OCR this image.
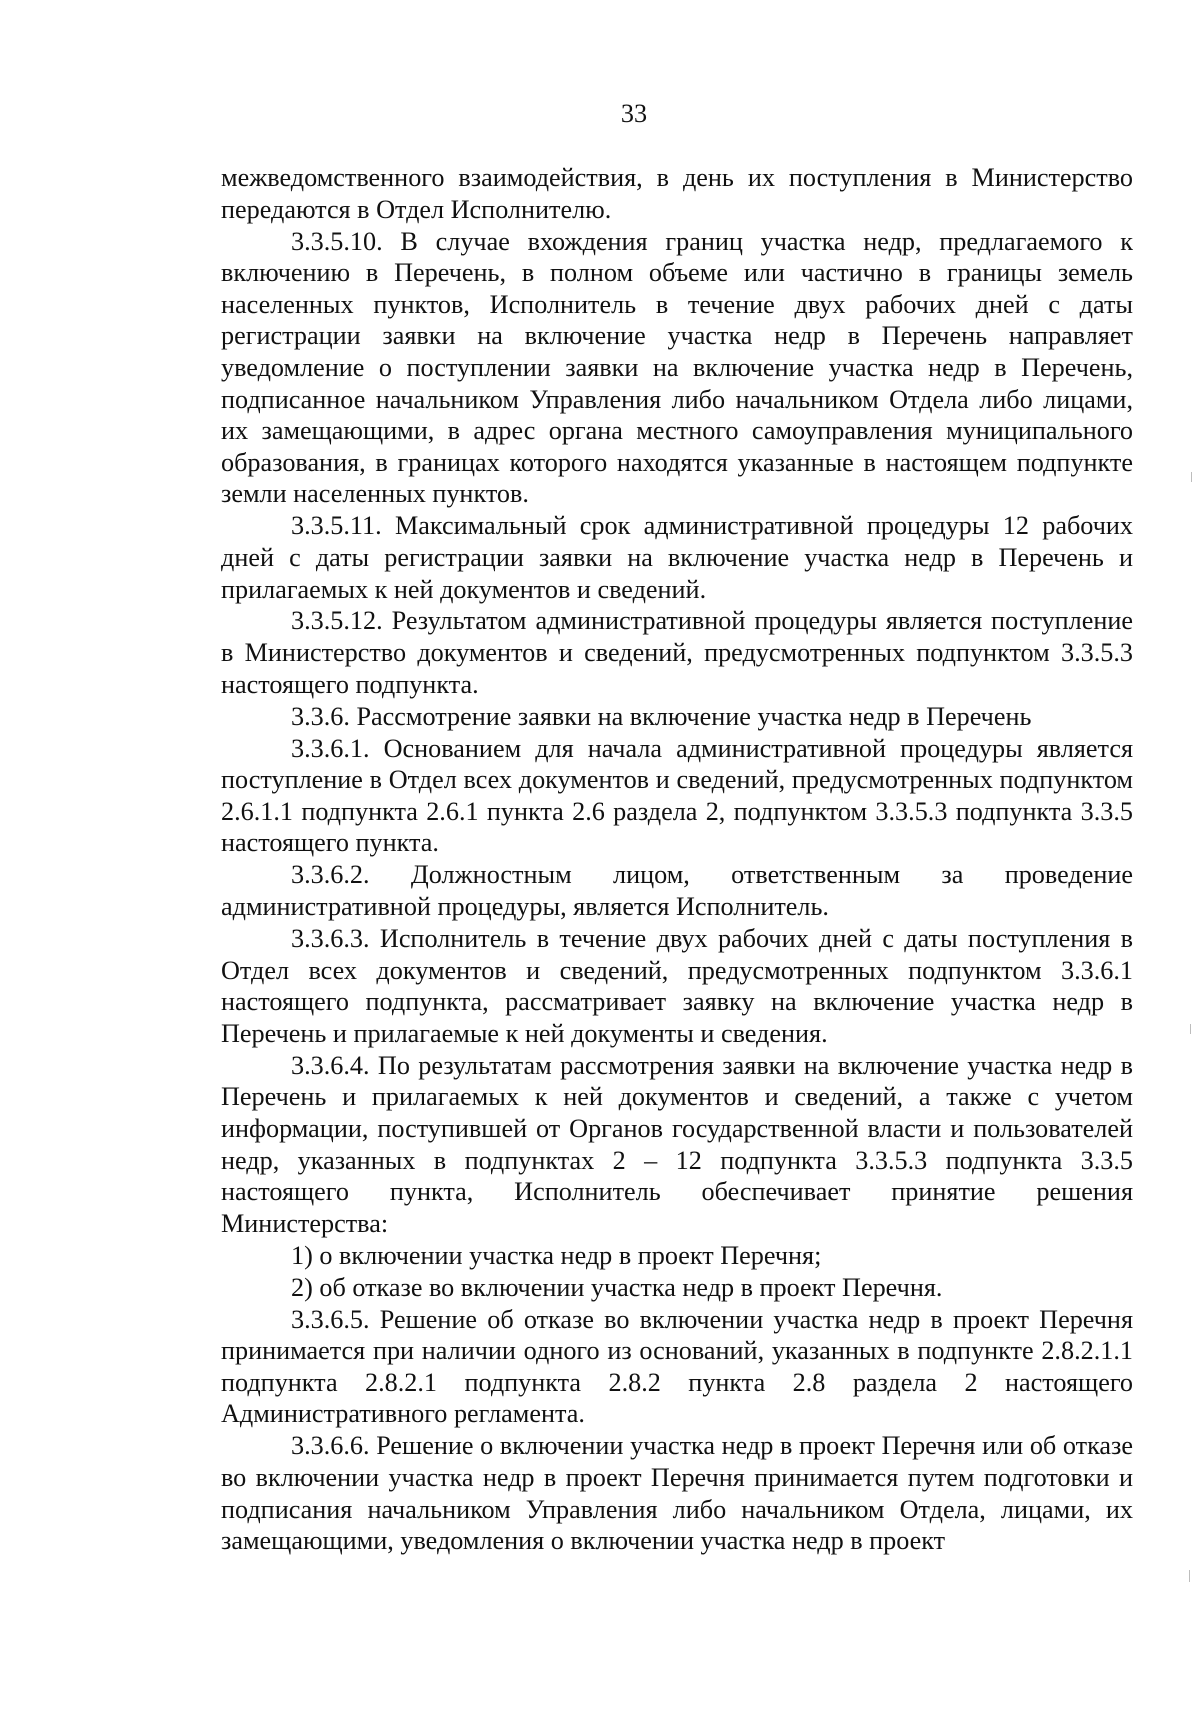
33

межведомственного взаимодействия, в день их поступления в Министерство передаются в Отдел Исполнителю.

3.3.5.10. В случае вхождения границ участка недр, предлагаемого к включению в Перечень, в полном объеме или частично в границы земель населенных пунктов, Исполнитель в течение двух рабочих дней с даты регистрации заявки на включение участка недр в Перечень направляет уведомление о поступлении заявки на включение участка недр в Перечень, подписанное начальником Управления либо начальником Отдела либо лицами, их замещающими, в адрес органа местного самоуправления муниципального образования, в границах которого находятся указанные в настоящем подпункте земли населенных пунктов.

3.3.5.11. Максимальный срок административной процедуры 12 рабочих дней с даты регистрации заявки на включение участка недр в Перечень и прилагаемых к ней документов и сведений.

3.3.5.12. Результатом административной процедуры является поступление в Министерство документов и сведений, предусмотренных подпунктом 3.3.5.3 настоящего подпункта.

3.3.6. Рассмотрение заявки на включение участка недр в Перечень

3.3.6.1. Основанием для начала административной процедуры является поступление в Отдел всех документов и сведений, предусмотренных подпунктом 2.6.1.1 подпункта 2.6.1 пункта 2.6 раздела 2, подпунктом 3.3.5.3 подпункта 3.3.5 настоящего пункта.

3.3.6.2. Должностным лицом, ответственным за проведение административной процедуры, является Исполнитель.

3.3.6.3. Исполнитель в течение двух рабочих дней с даты поступления в Отдел всех документов и сведений, предусмотренных подпунктом 3.3.6.1 настоящего подпункта, рассматривает заявку на включение участка недр в Перечень и прилагаемые к ней документы и сведения.

3.3.6.4. По результатам рассмотрения заявки на включение участка недр в Перечень и прилагаемых к ней документов и сведений, а также с учетом информации, поступившей от Органов государственной власти и пользователей недр, указанных в подпунктах 2 – 12 подпункта 3.3.5.3 подпункта 3.3.5 настоящего пункта, Исполнитель обеспечивает принятие решения Министерства:

1) о включении участка недр в проект Перечня;

2) об отказе во включении участка недр в проект Перечня.

3.3.6.5. Решение об отказе во включении участка недр в проект Перечня принимается при наличии одного из оснований, указанных в подпункте 2.8.2.1.1 подпункта 2.8.2.1 подпункта 2.8.2 пункта 2.8 раздела 2 настоящего Административного регламента.

3.3.6.6. Решение о включении участка недр в проект Перечня или об отказе во включении участка недр в проект Перечня принимается путем подготовки и подписания начальником Управления либо начальником Отдела, лицами, их замещающими, уведомления о включении участка недр в проект
